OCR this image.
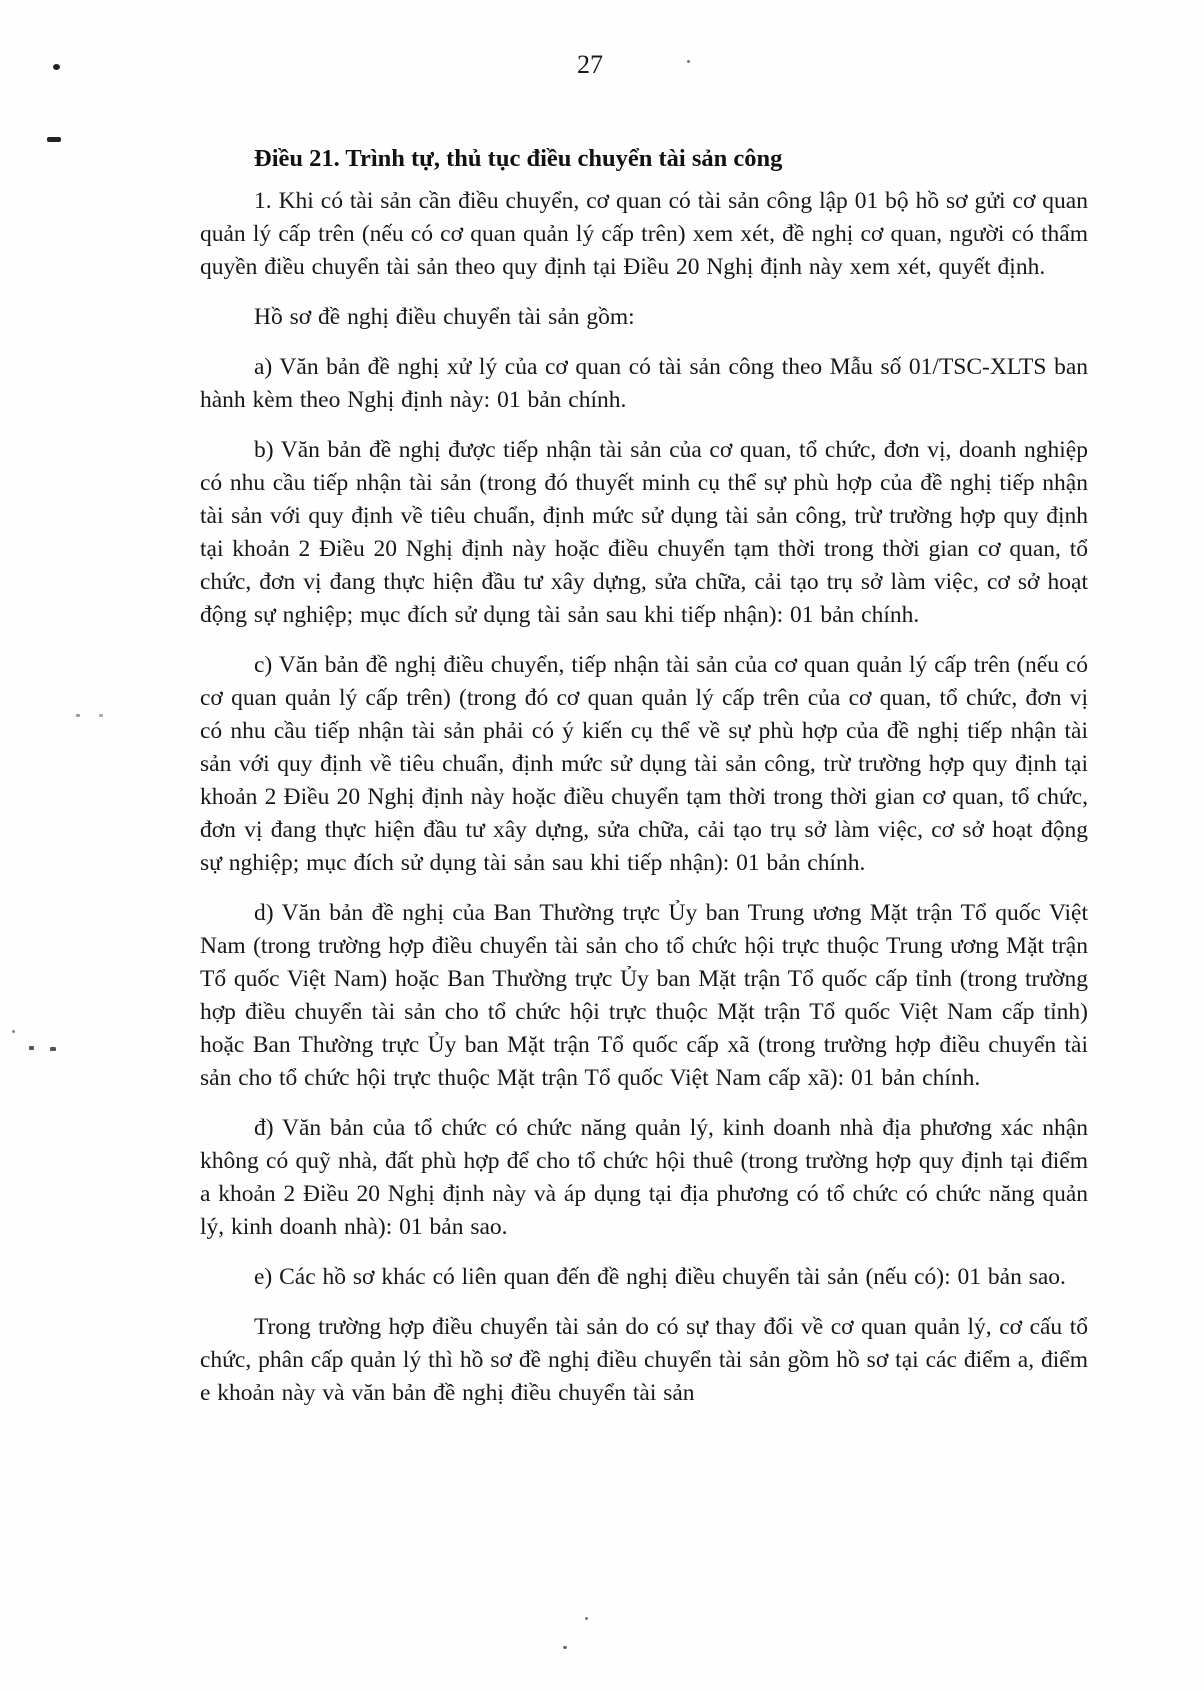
27

Điều 21. Trình tự, thủ tục điều chuyển tài sản công

1. Khi có tài sản cần điều chuyển, cơ quan có tài sản công lập 01 bộ hồ sơ gửi cơ quan quản lý cấp trên (nếu có cơ quan quản lý cấp trên) xem xét, đề nghị cơ quan, người có thẩm quyền điều chuyển tài sản theo quy định tại Điều 20 Nghị định này xem xét, quyết định.

Hồ sơ đề nghị điều chuyển tài sản gồm:

a) Văn bản đề nghị xử lý của cơ quan có tài sản công theo Mẫu số 01/TSC-XLTS ban hành kèm theo Nghị định này: 01 bản chính.

b) Văn bản đề nghị được tiếp nhận tài sản của cơ quan, tổ chức, đơn vị, doanh nghiệp có nhu cầu tiếp nhận tài sản (trong đó thuyết minh cụ thể sự phù hợp của đề nghị tiếp nhận tài sản với quy định về tiêu chuẩn, định mức sử dụng tài sản công, trừ trường hợp quy định tại khoản 2 Điều 20 Nghị định này hoặc điều chuyển tạm thời trong thời gian cơ quan, tổ chức, đơn vị đang thực hiện đầu tư xây dựng, sửa chữa, cải tạo trụ sở làm việc, cơ sở hoạt động sự nghiệp; mục đích sử dụng tài sản sau khi tiếp nhận): 01 bản chính.

c) Văn bản đề nghị điều chuyển, tiếp nhận tài sản của cơ quan quản lý cấp trên (nếu có cơ quan quản lý cấp trên) (trong đó cơ quan quản lý cấp trên của cơ quan, tổ chức, đơn vị có nhu cầu tiếp nhận tài sản phải có ý kiến cụ thể về sự phù hợp của đề nghị tiếp nhận tài sản với quy định về tiêu chuẩn, định mức sử dụng tài sản công, trừ trường hợp quy định tại khoản 2 Điều 20 Nghị định này hoặc điều chuyển tạm thời trong thời gian cơ quan, tổ chức, đơn vị đang thực hiện đầu tư xây dựng, sửa chữa, cải tạo trụ sở làm việc, cơ sở hoạt động sự nghiệp; mục đích sử dụng tài sản sau khi tiếp nhận): 01 bản chính.

d) Văn bản đề nghị của Ban Thường trực Ủy ban Trung ương Mặt trận Tổ quốc Việt Nam (trong trường hợp điều chuyển tài sản cho tổ chức hội trực thuộc Trung ương Mặt trận Tổ quốc Việt Nam) hoặc Ban Thường trực Ủy ban Mặt trận Tổ quốc cấp tỉnh (trong trường hợp điều chuyển tài sản cho tổ chức hội trực thuộc Mặt trận Tổ quốc Việt Nam cấp tỉnh) hoặc Ban Thường trực Ủy ban Mặt trận Tổ quốc cấp xã (trong trường hợp điều chuyển tài sản cho tổ chức hội trực thuộc Mặt trận Tổ quốc Việt Nam cấp xã): 01 bản chính.

đ) Văn bản của tổ chức có chức năng quản lý, kinh doanh nhà địa phương xác nhận không có quỹ nhà, đất phù hợp để cho tổ chức hội thuê (trong trường hợp quy định tại điểm a khoản 2 Điều 20 Nghị định này và áp dụng tại địa phương có tổ chức có chức năng quản lý, kinh doanh nhà): 01 bản sao.

e) Các hồ sơ khác có liên quan đến đề nghị điều chuyển tài sản (nếu có): 01 bản sao.

Trong trường hợp điều chuyển tài sản do có sự thay đổi về cơ quan quản lý, cơ cấu tổ chức, phân cấp quản lý thì hồ sơ đề nghị điều chuyển tài sản gồm hồ sơ tại các điểm a, điểm e khoản này và văn bản đề nghị điều chuyển tài sản
